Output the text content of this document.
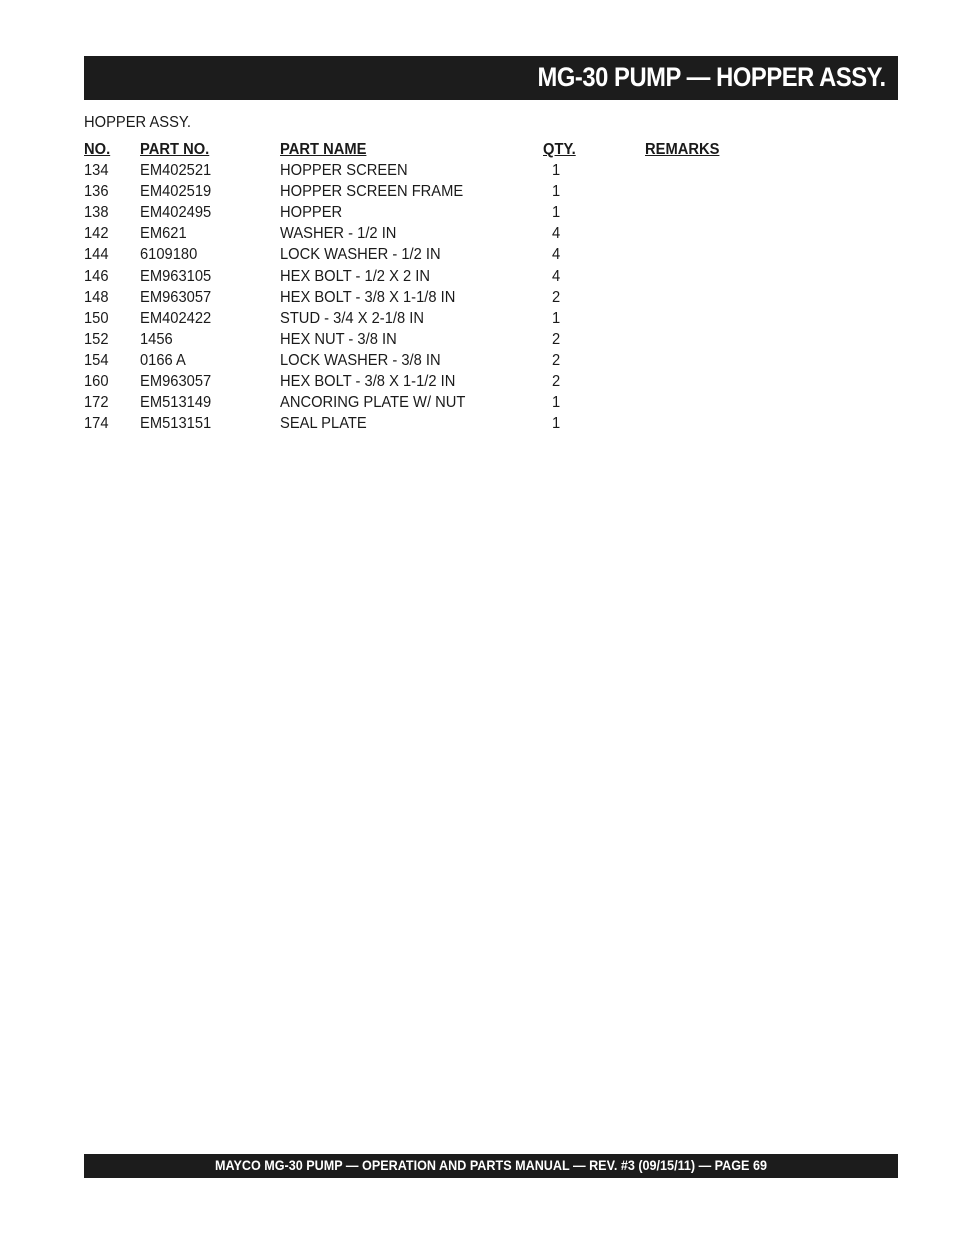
MG-30 PUMP — HOPPER ASSY.
HOPPER ASSY.
NO. PART NO.	PART NAME	QTY.	REMARKS
134 EM402521	HOPPER SCREEN	1
136 EM402519	HOPPER SCREEN FRAME	1
138 EM402495	HOPPER	1
142 EM621	WASHER - 1/2 IN	4
144 6109180	LOCK WASHER - 1/2 IN	4
146 EM963105	HEX BOLT - 1/2 X 2 IN	4
148 EM963057	HEX BOLT - 3/8 X 1-1/8 IN	2
150 EM402422	STUD - 3/4 X 2-1/8 IN	1
152 1456	HEX NUT - 3/8 IN	2
154 0166 A	LOCK WASHER - 3/8 IN	2
160 EM963057	HEX BOLT - 3/8 X 1-1/2 IN	2
172 EM513149	ANCORING PLATE W/ NUT	1
174 EM513151	SEAL PLATE	1
MAYCO MG-30 PUMP — OPERATION AND PARTS MANUAL — REV. #3 (09/15/11) — PAGE 69
